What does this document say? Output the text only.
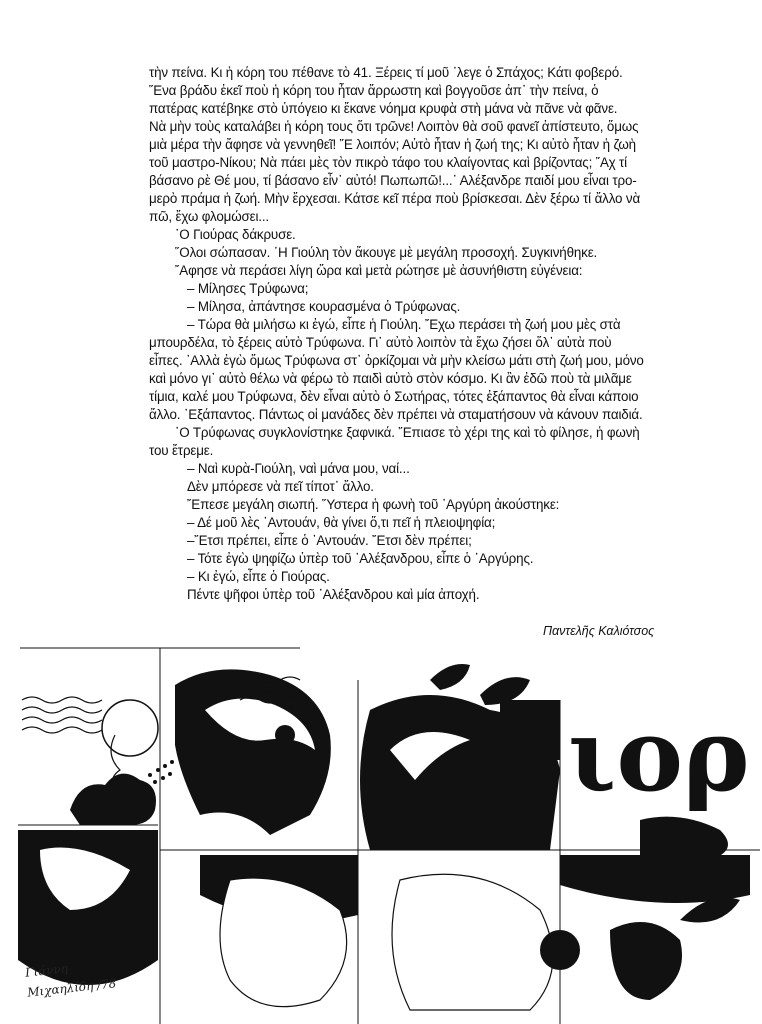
τὴν πείνα. Κι ἡ κόρη του πέθανε τὸ 41. Ξέρεις τί μοῦ ᾽λεγε ὁ Σπάχος; Κάτι φοβερό.
῞Ενα βράδυ ἐκεῖ ποὺ ἡ κόρη του ἦταν ἄρρωστη καὶ βογγοῦσε ἀπ᾽ τὴν πείνα, ὁ
πατέρας κατέβηκε στὸ ὑπόγειο κι ἔκανε νόημα κρυφὰ στὴ μάνα νὰ πᾶνε νὰ φᾶνε.
Νὰ μὴν τοὺς καταλάβει ἡ κόρη τους ὅτι τρῶνε! Λοιπὸν θὰ σοῦ φανεῖ ἀπίστευτο, ὅμως
μιὰ μέρα τὴν ἄφησε νὰ γεννηθεῖ! ῎Ε λοιπόν; Αὐτὸ ἦταν ἡ ζωή της; Κι αὐτὸ ἦταν ἡ ζωὴ
τοῦ μαστρο-Νίκου; Νὰ πάει μὲς τὸν πικρὸ τάφο του κλαίγοντας καὶ βρίζοντας; ῎Αχ τί
βάσανο ρὲ Θέ μου, τί βάσανο εἶν᾽ αὐτό! Πωπωπῶ!...᾽ Αλέξανδρε παιδί μου εἶναι τρο-
μερὸ πράμα ἡ ζωή. Μὴν ἔρχεσαι. Κάτσε κεῖ πέρα ποὺ βρίσκεσαι. Δὲν ξέρω τί ἄλλο νὰ
πῶ, ἔχω φλομώσει...
῾Ο Γιούρας δάκρυσε.
῞Ολοι σώπασαν. ῾Η Γιούλη τὸν ἄκουγε μὲ μεγάλη προσοχή. Συγκινήθηκε.
῎Αφησε νὰ περάσει λίγη ὥρα καὶ μετὰ ρώτησε μὲ ἀσυνήθιστη εὐγένεια:
– Μίλησες Τρύφωνα;
– Μίλησα, ἀπάντησε κουρασμένα ὁ Τρύφωνας.
– Τώρα θὰ μιλήσω κι ἐγώ, εἶπε ἡ Γιούλη. ῎Εχω περάσει τὴ ζωή μου μὲς στὰ
μπουρδέλα, τὸ ξέρεις αὐτὸ Τρύφωνα. Γι᾽ αὐτὸ λοιπὸν τὰ ἔχω ζήσει ὅλ᾽ αὐτὰ ποὺ
εἶπες. ᾽Αλλὰ ἐγὼ ὅμως Τρύφωνα στ᾽ ὁρκίζομαι νὰ μὴν κλείσω μάτι στὴ ζωή μου, μόνο
καὶ μόνο γι᾽ αὐτὸ θέλω νὰ φέρω τὸ παιδὶ αὐτὸ στὸν κόσμο. Κι ἂν ἐδῶ ποὺ τὰ μιλᾶμε
τίμια, καλέ μου Τρύφωνα, δὲν εἶναι αὐτὸ ὁ Σωτήρας, τότες ἐξάπαντος θὰ εἶναι κάποιο
ἄλλο. ᾽Εξάπαντος. Πάντως οἱ μανάδες δὲν πρέπει νὰ σταματήσουν νὰ κάνουν παιδιά.
῾Ο Τρύφωνας συγκλονίστηκε ξαφνικά. ῎Επιασε τὸ χέρι της καὶ τὸ φίλησε, ἡ φωνὴ
του ἔτρεμε.
– Ναὶ κυρὰ-Γιούλη, ναὶ μάνα μου, ναί...
Δὲν μπόρεσε νὰ πεῖ τίποτ᾽ ἄλλο.
῎Επεσε μεγάλη σιωπή. ῞Υστερα ἡ φωνὴ τοῦ ᾽Αργύρη ἀκούστηκε:
– Δέ μοῦ λὲς ᾽Αντουάν, θὰ γίνει ὅ,τι πεῖ ἡ πλειοψηφία;
–῎Ετσι πρέπει, εἶπε ὁ ᾽Αντουάν. ῎Ετσι δὲν πρέπει;
– Τότε ἐγὼ ψηφίζω ὑπὲρ τοῦ ᾽Αλέξανδρου, εἶπε ὁ ᾽Αργύρης.
– Κι ἐγώ, εἶπε ὁ Γιούρας.
Πέντε ψῆφοι ὑπὲρ τοῦ ᾽Αλέξανδρου καὶ μία ἀποχή.
Παντελῆς Καλιότσος
ιορ
Γιάννη
Μιχαηλίδη /78
